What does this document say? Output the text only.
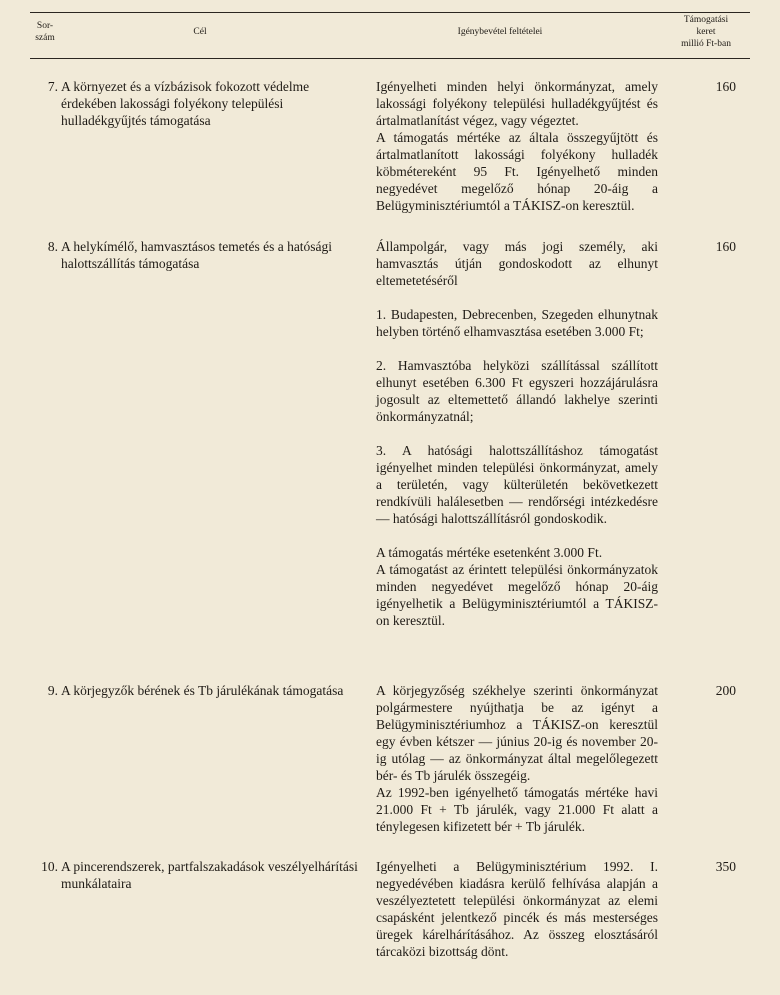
Sor-
szám
Cél	Igénybevétel feltételei
Támogatási
keret
millió Ft-ban
7. A környezet és a vízbázisok fokozott védelme érdekében lakossági folyékony települési hulladékgyűjtés támogatása

Igényelheti minden helyi önkormányzat, amely lakossági folyékony települési hulladékgyűjtést és ártalmatlanítást végez, vagy végeztet.

A támogatás mértéke az általa összegyűjtött és ártalmatlanított lakossági folyékony hulladék köbmétereként 95 Ft. Igényelhető minden negyedévet megelőző hónap 20-áig a Belügyminisztériumtól a TÁKISZ-on keresztül.

160
8. A helykímélő, hamvasztásos temetés és a hatósági halottszállítás támogatása

Állampolgár, vagy más jogi személy, aki hamvasztás útján gondoskodott az elhunyt eltemetetéséről

1. Budapesten, Debrecenben, Szegeden elhunytnak helyben történő elhamvasztása esetében 3.000 Ft;

2. Hamvasztóba helyközi szállítással szállított elhunyt esetében 6.300 Ft egyszeri hozzájárulásra jogosult az eltemettető állandó lakhelye szerinti önkormányzatnál;

3. A hatósági halottszállításhoz támogatást igényelhet minden települési önkormányzat, amely a területén, vagy külterületén bekövetkezett rendkívüli halálesetben — rendőrségi intézkedésre — hatósági halottszállításról gondoskodik.

A támogatás mértéke esetenként 3.000 Ft.

A támogatást az érintett települési önkormányzatok minden negyedévet megelőző hónap 20-áig igényelhetik a Belügyminisztériumtól a TÁKISZ-on keresztül.

160
9. A körjegyzők bérének és Tb járulékának támogatása	A körjegyzőség székhelye szerinti önkormányzat polgármestere nyújthatja be az igényt a Belügyminisztériumhoz a TÁKISZ-on keresztül egy évben kétszer — június 20-ig és november 20-ig utólag — az önkormányzat által megelőlegezett bér- és Tb járulék összegéig.

Az 1992-ben igényelhető támogatás mértéke havi 21.000 Ft + Tb járulék, vagy 21.000 Ft alatt a ténylegesen kifizetett bér + Tb járulék.

200
10. A pincerendszerek, partfalszakadások veszélyelhárítási munkálataira

Igényelheti a Belügyminisztérium 1992. I. negyedévében kiadásra kerülő felhívása alapján a veszélyeztetett települési önkormányzat az elemi csapásként jelentkező pincék és más mesterséges üregek kárelhárításához. Az összeg elosztásáról tárcaközi bizottság dönt.

350
